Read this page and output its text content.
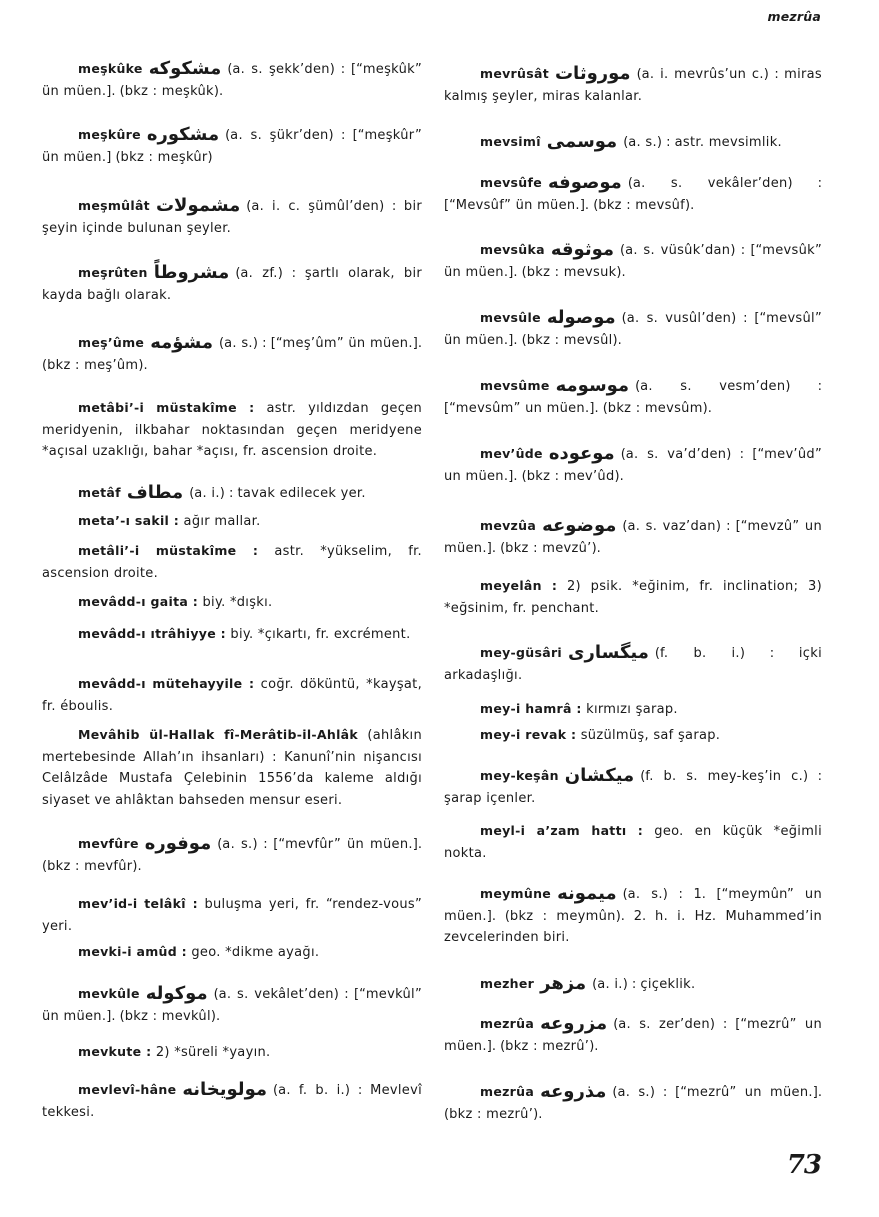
mezrûa
meşkûke مشكوكه (a. s. şekk’den) : [“meşkûk” ün müen.]. (bkz : meşkûk).
meşkûre مشكوره (a. s. şükr’den) : [“meşkûr” ün müen.] (bkz : meşkûr)
meşmûlât مشمولات (a. i. c. şümûl’den) : bir şeyin içinde bulunan şeyler.
meşrûten مشروطاً (a. zf.) : şartlı olarak, bir kayda bağlı olarak.
meş’ûme مشؤمه (a. s.) : [“meş’ûm” ün müen.]. (bkz : meş’ûm).
metâbi’-i müstakîme : astr. yıldızdan geçen meridyenin, ilkbahar noktasından geçen meridyene *açısal uzaklığı, bahar *açısı, fr. ascension droite.
metâf مطاف (a. i.) : tavak edilecek yer.
meta’-ı sakil : ağır mallar.
metâli’-i müstakîme : astr. *yükselim, fr. ascension droite.
mevâdd-ı gaita : biy. *dışkı.
mevâdd-ı ıtrâhiyye : biy. *çıkartı, fr. excrément.
mevâdd-ı mütehayyile : coğr. döküntü, *kayşat, fr. éboulis.
Mevâhib ül-Hallak fî-Merâtib-il-Ahlâk (ahlâkın mertebesinde Allah’ın ihsanları) : Kanunî’nin nişancısı Celâlzâde Mustafa Çelebinin 1556’da kaleme aldığı siyaset ve ahlâktan bahseden mensur eseri.
mevfûre موفوره (a. s.) : [“mevfûr” ün müen.]. (bkz : mevfûr).
mev’id-i telâkî : buluşma yeri, fr. “rendez-vous” yeri.
mevki-i amûd : geo. *dikme ayağı.
mevkûle موكوله (a. s. vekâlet’den) : [“mevkûl” ün müen.]. (bkz : mevkûl).
mevkute : 2) *süreli *yayın.
mevlevî-hâne مولويخانه (a. f. b. i.) : Mevlevî tekkesi.
mevrûsât موروثات (a. i. mevrûs’un c.) : miras kalmış şeyler, miras kalanlar.
mevsimî موسمى (a. s.) : astr. mevsimlik.
mevsûfe موصوفه (a. s. vekâler’den) : [“Mevsûf” ün müen.]. (bkz : mevsûf).
mevsûka موثوقه (a. s. vüsûk’dan) : [“mevsûk” ün müen.]. (bkz : mevsuk).
mevsûle موصوله (a. s. vusûl’den) : [“mevsûl” ün müen.]. (bkz : mevsûl).
mevsûme موسومه (a. s. vesm’den) : [“mevsûm” un müen.]. (bkz : mevsûm).
mev’ûde موعوده (a. s. va’d’den) : [“mev’ûd” un müen.]. (bkz : mev’ûd).
mevzûa موضوعه (a. s. vaz’dan) : [“mevzû” un müen.]. (bkz : mevzû’).
meyelân : 2) psik. *eğinim, fr. inclination; 3) *eğsinim, fr. penchant.
mey-güsâri ميگسارى (f. b. i.) : içki arkadaşlığı.
mey-i hamrâ : kırmızı şarap.
mey-i revak : süzülmüş, saf şarap.
mey-keşân ميكشان (f. b. s. mey-keş’in c.) : şarap içenler.
meyl-i a’zam hattı : geo. en küçük *eğimli nokta.
meymûne ميمونه (a. s.) : 1. [“meymûn” un müen.]. (bkz : meymûn). 2. h. i. Hz. Muhammed’in zevcelerinden biri.
mezher مزهر (a. i.) : çiçeklik.
mezrûa مزروعه (a. s. zer’den) : [“mezrû” un müen.]. (bkz : mezrû’).
mezrûa مذروعه (a. s.) : [“mezrû” un müen.]. (bkz : mezrû’).
73
